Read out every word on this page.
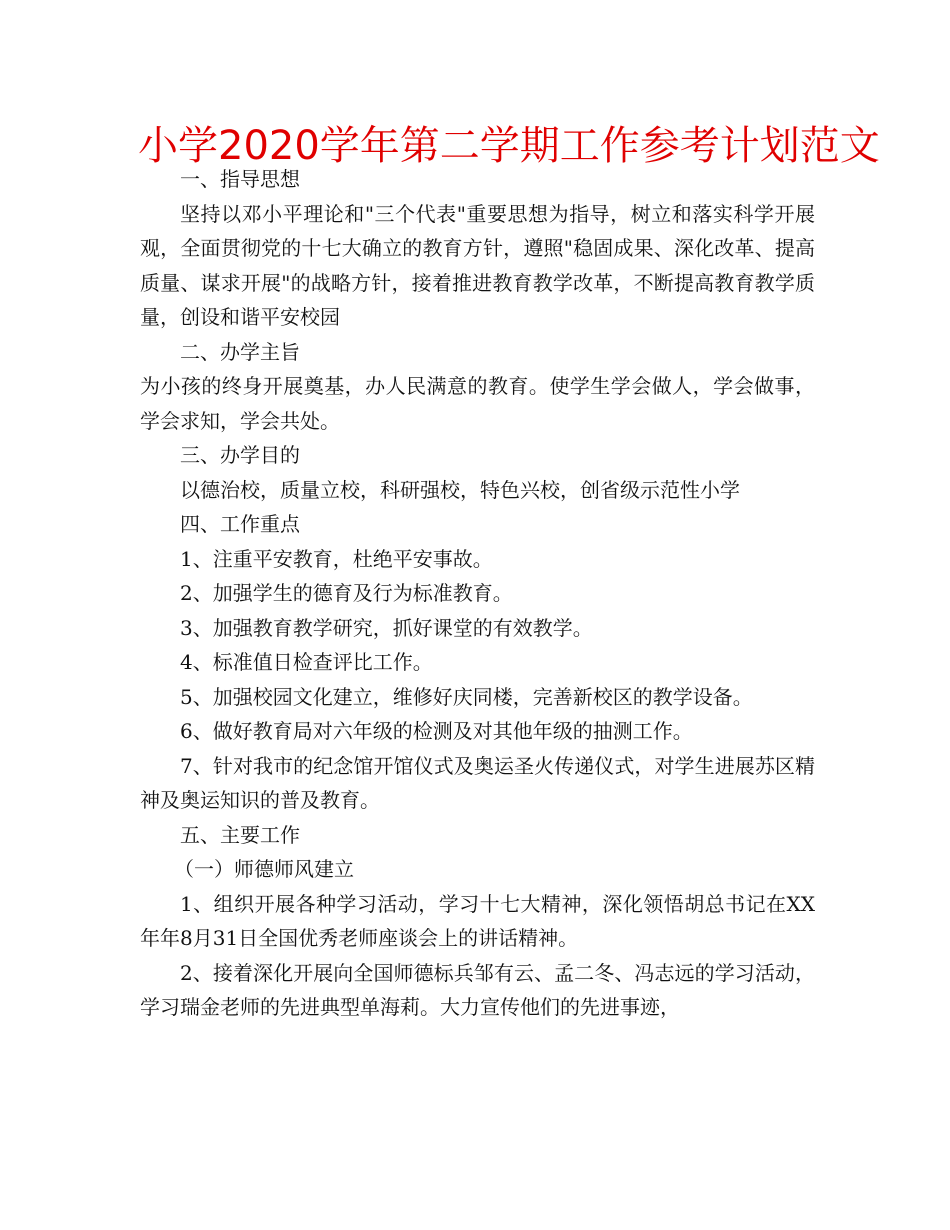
小学2020学年第二学期工作参考计划范文

一、指导思想

坚持以邓小平理论和"三个代表"重要思想为指导，树立和落实科学开展观，全面贯彻党的十七大确立的教育方针，遵照"稳固成果、深化改革、提高质量、谋求开展"的战略方针，接着推进教育教学改革，不断提高教育教学质量，创设和谐平安校园

二、办学主旨

为小孩的终身开展奠基，办人民满意的教育。使学生学会做人，学会做事，学会求知，学会共处。

三、办学目的

以德治校，质量立校，科研强校，特色兴校，创省级示范性小学

四、工作重点

1、注重平安教育，杜绝平安事故。

2、加强学生的德育及行为标准教育。

3、加强教育教学研究，抓好课堂的有效教学。

4、标准值日检查评比工作。

5、加强校园文化建立，维修好庆同楼，完善新校区的教学设备。

6、做好教育局对六年级的检测及对其他年级的抽测工作。

7、针对我市的纪念馆开馆仪式及奥运圣火传递仪式，对学生进展苏区精神及奥运知识的普及教育。

五、主要工作

（一）师德师风建立

1、组织开展各种学习活动，学习十七大精神，深化领悟胡总书记在XX年年8月31日全国优秀老师座谈会上的讲话精神。

2、接着深化开展向全国师德标兵邹有云、孟二冬、冯志远的学习活动，学习瑞金老师的先进典型单海莉。大力宣传他们的先进事迹，
